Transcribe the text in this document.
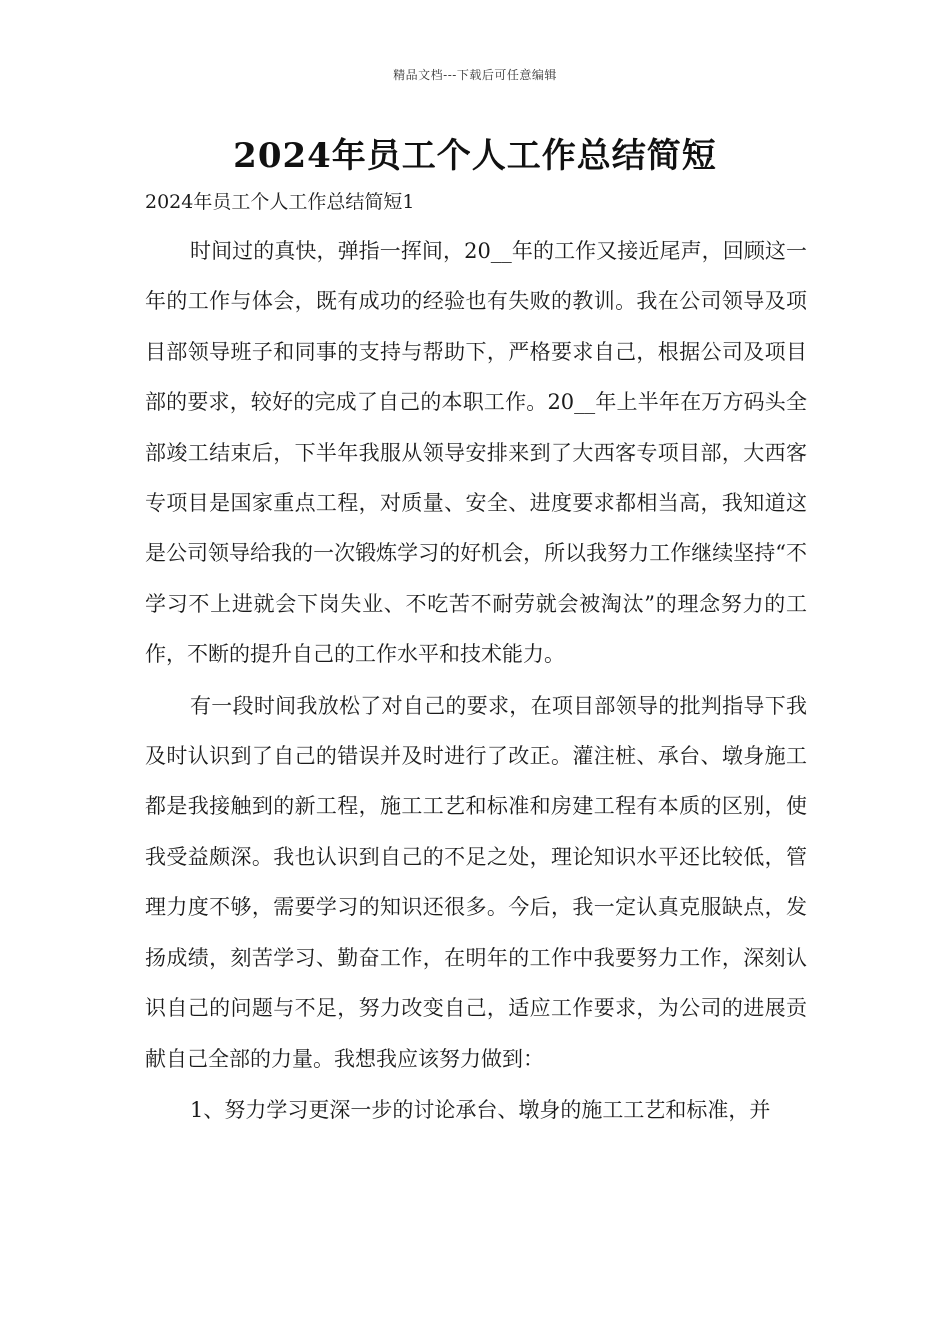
精品文档---下载后可任意编辑
2024年员工个人工作总结简短
2024年员工个人工作总结简短1

时间过的真快，弹指一挥间，20__年的工作又接近尾声，回顾这一年的工作与体会，既有成功的经验也有失败的教训。我在公司领导及项目部领导班子和同事的支持与帮助下，严格要求自己，根据公司及项目部的要求，较好的完成了自己的本职工作。20__年上半年在万方码头全部竣工结束后，下半年我服从领导安排来到了大西客专项目部，大西客专项目是国家重点工程，对质量、安全、进度要求都相当高，我知道这是公司领导给我的一次锻炼学习的好机会，所以我努力工作继续坚持“不学习不上进就会下岗失业、不吃苦不耐劳就会被淘汰”的理念努力的工作，不断的提升自己的工作水平和技术能力。

有一段时间我放松了对自己的要求，在项目部领导的批判指导下我及时认识到了自己的错误并及时进行了改正。灌注桩、承台、墩身施工都是我接触到的新工程，施工工艺和标准和房建工程有本质的区别，使我受益颇深。我也认识到自己的不足之处，理论知识水平还比较低，管理力度不够，需要学习的知识还很多。今后，我一定认真克服缺点，发扬成绩，刻苦学习、勤奋工作，在明年的工作中我要努力工作，深刻认识自己的问题与不足，努力改变自己，适应工作要求，为公司的进展贡献自己全部的力量。我想我应该努力做到：

1、努力学习更深一步的讨论承台、墩身的施工工艺和标准，并
